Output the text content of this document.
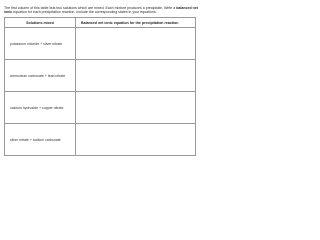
The first column of this table lists two solutions which are mixed. Each mixture produces a precipitate. Write a balanced net ionic equation for each precipitation reaction. Include the corresponding states in your equations.

Solutions mixed	Balanced net ionic equation for the precipitation reaction
potassium chloride + silver nitrate	
ammonium carbonate + lead nitrate	
calcium hydroxide + copper nitrate	
silver nitrate + sodium carbonate	
